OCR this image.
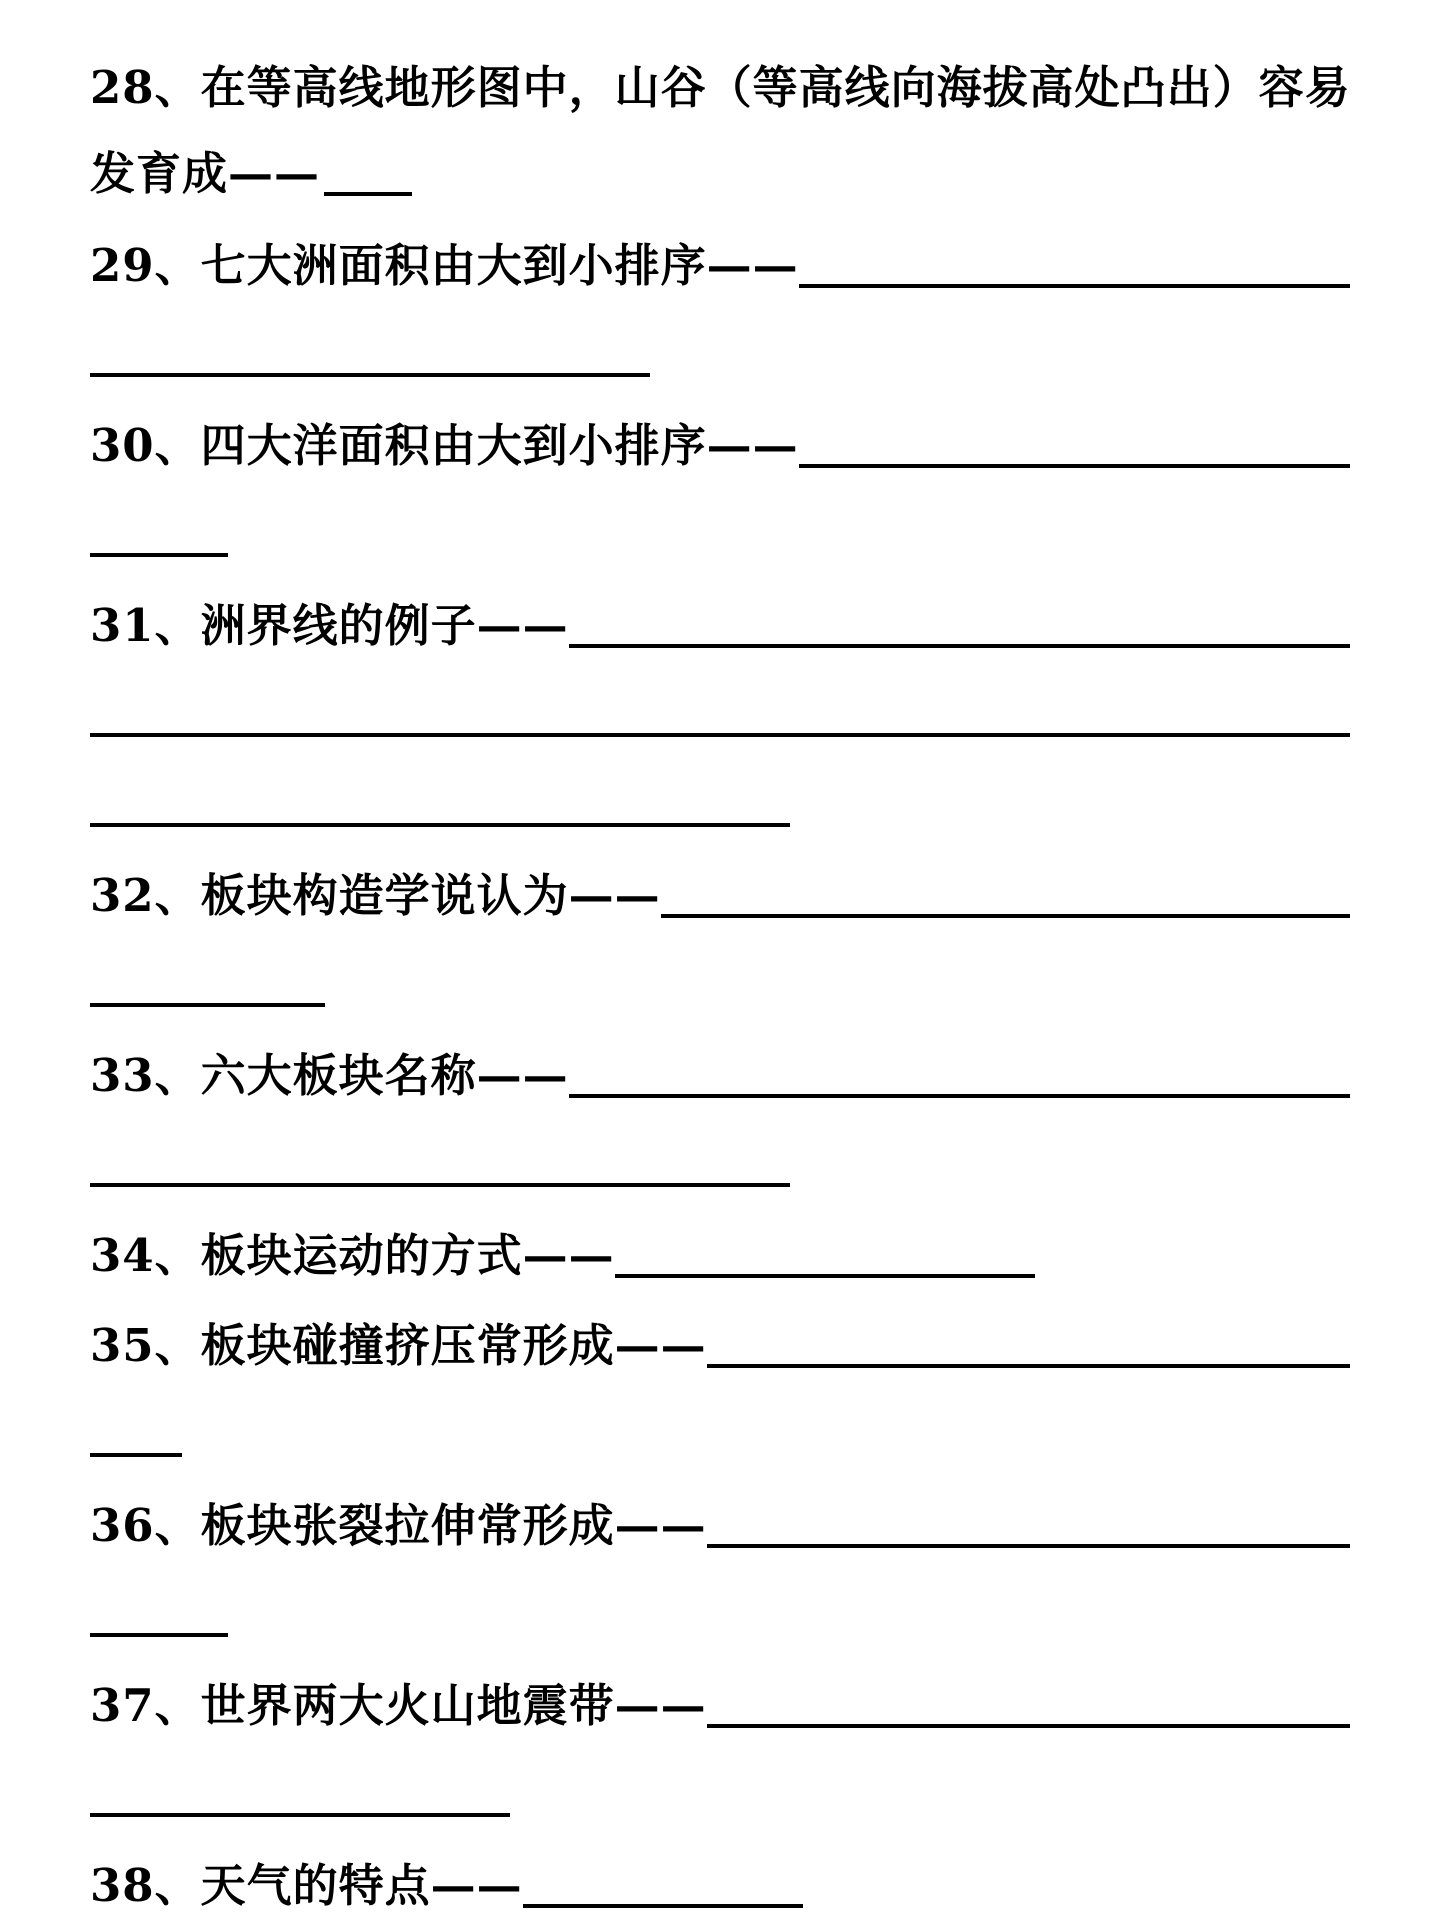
28、在等高线地形图中，山谷（等高线向海拔高处凸出）容易
发育成——
29、七大洲面积由大到小排序——
30、四大洋面积由大到小排序——
31、洲界线的例子——
32、板块构造学说认为——
33、六大板块名称——
34、板块运动的方式——
35、板块碰撞挤压常形成——
36、板块张裂拉伸常形成——
37、世界两大火山地震带——
38、天气的特点——
